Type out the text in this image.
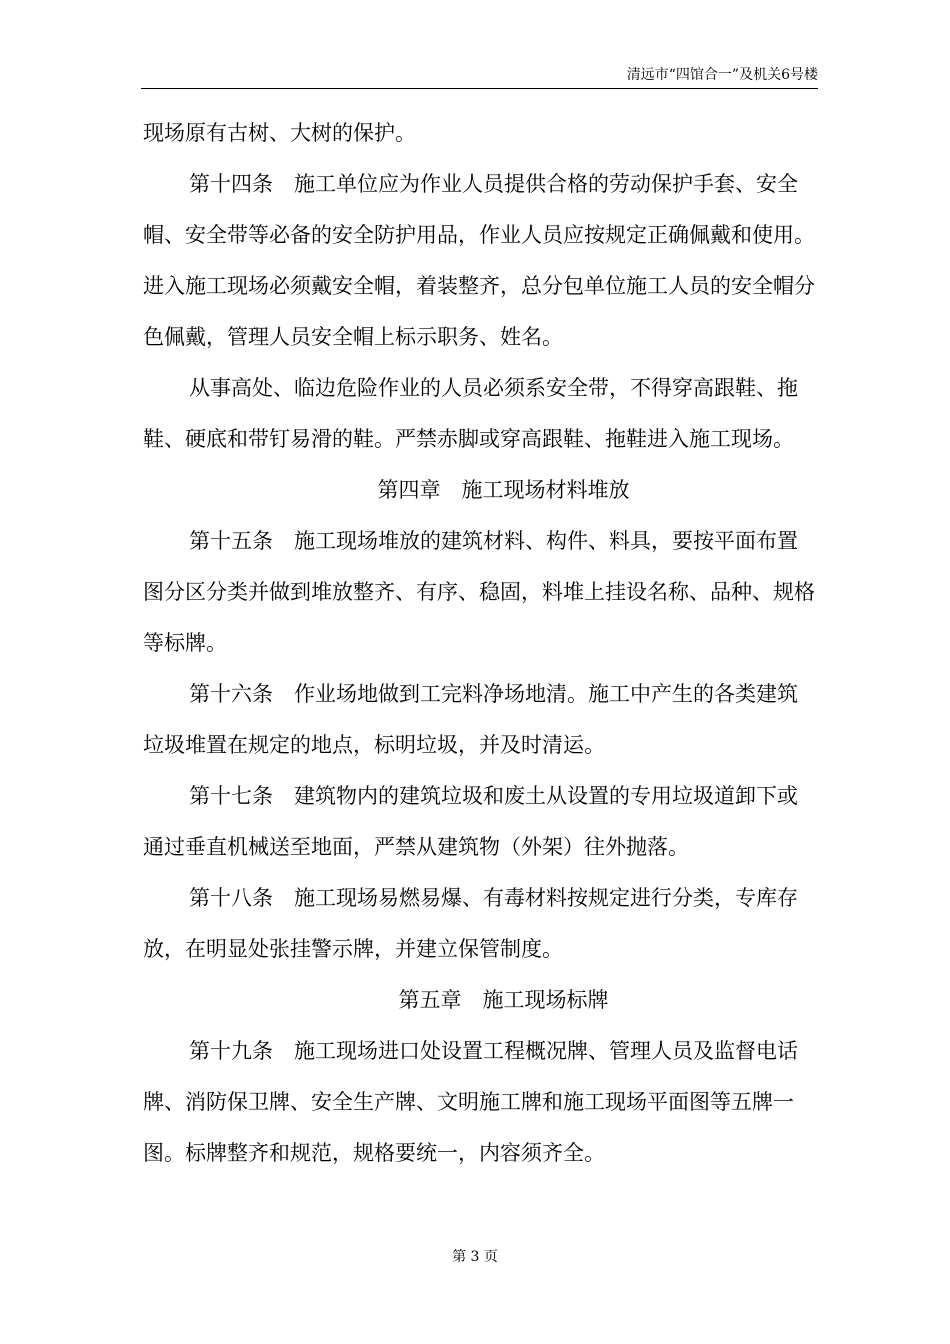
清远市“四馆合一”及机关6号楼

现场原有古树、大树的保护。

第十四条　施工单位应为作业人员提供合格的劳动保护手套、安全帽、安全带等必备的安全防护用品，作业人员应按规定正确佩戴和使用。进入施工现场必须戴安全帽，着装整齐，总分包单位施工人员的安全帽分色佩戴，管理人员安全帽上标示职务、姓名。

从事高处、临边危险作业的人员必须系安全带，不得穿高跟鞋、拖鞋、硬底和带钉易滑的鞋。严禁赤脚或穿高跟鞋、拖鞋进入施工现场。

第四章　施工现场材料堆放

第十五条　施工现场堆放的建筑材料、构件、料具，要按平面布置图分区分类并做到堆放整齐、有序、稳固，料堆上挂设名称、品种、规格等标牌。

第十六条　作业场地做到工完料净场地清。施工中产生的各类建筑垃圾堆置在规定的地点，标明垃圾，并及时清运。

第十七条　建筑物内的建筑垃圾和废土从设置的专用垃圾道卸下或通过垂直机械送至地面，严禁从建筑物（外架）往外抛落。

第十八条　施工现场易燃易爆、有毒材料按规定进行分类，专库存放，在明显处张挂警示牌，并建立保管制度。

第五章　施工现场标牌

第十九条　施工现场进口处设置工程概况牌、管理人员及监督电话牌、消防保卫牌、安全生产牌、文明施工牌和施工现场平面图等五牌一图。标牌整齐和规范，规格要统一，内容须齐全。

第 3 页
